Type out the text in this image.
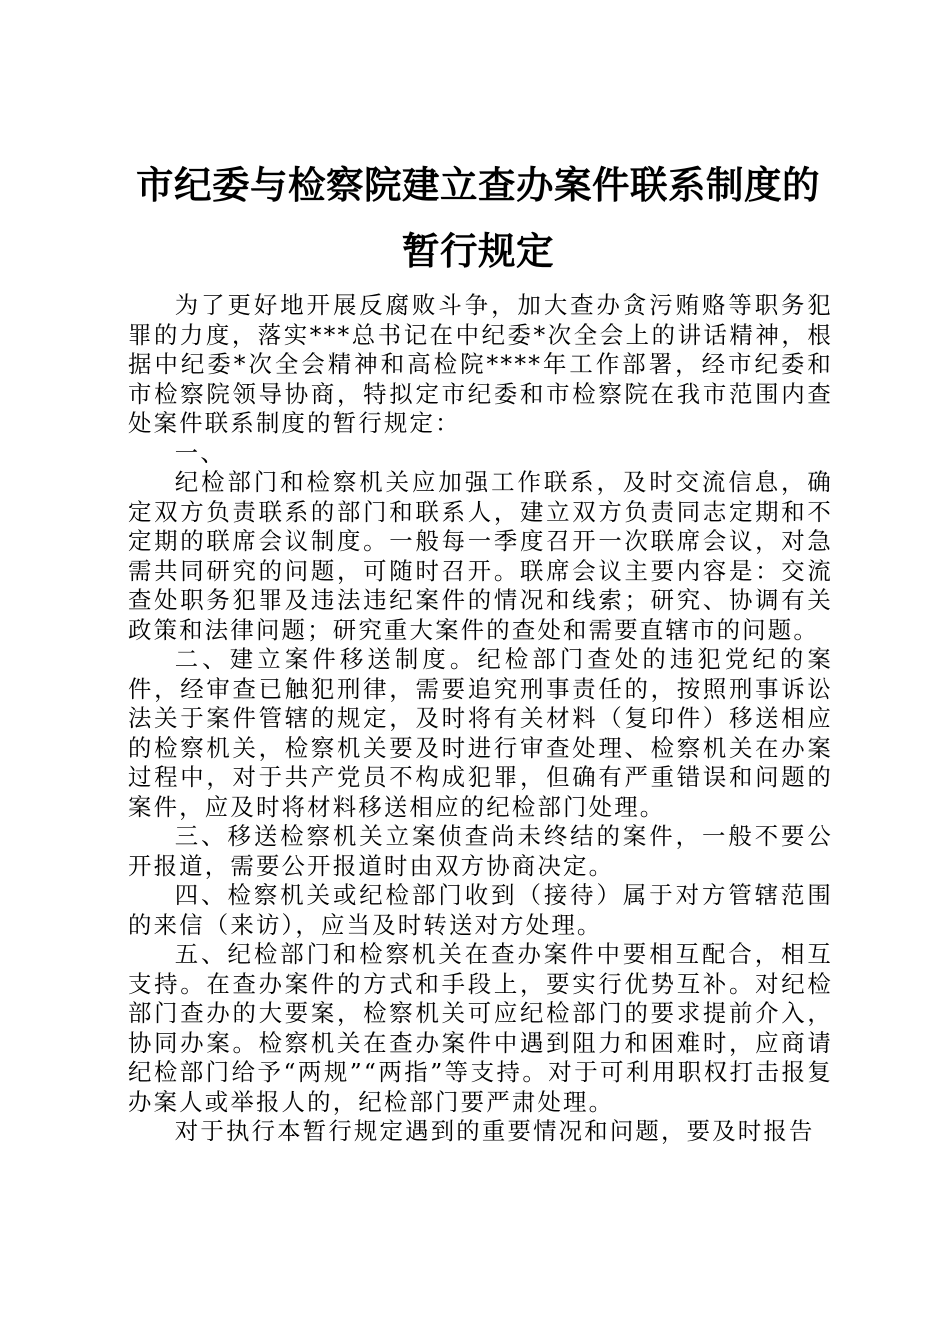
市纪委与检察院建立查办案件联系制度的暂行规定

为了更好地开展反腐败斗争，加大查办贪污贿赂等职务犯罪的力度，落实***总书记在中纪委*次全会上的讲话精神，根据中纪委*次全会精神和高检院****年工作部署，经市纪委和市检察院领导协商，特拟定市纪委和市检察院在我市范围内查处案件联系制度的暂行规定：

一、

纪检部门和检察机关应加强工作联系，及时交流信息，确定双方负责联系的部门和联系人，建立双方负责同志定期和不定期的联席会议制度。一般每一季度召开一次联席会议，对急需共同研究的问题，可随时召开。联席会议主要内容是：交流查处职务犯罪及违法违纪案件的情况和线索；研究、协调有关政策和法律问题；研究重大案件的查处和需要直辖市的问题。

二、建立案件移送制度。纪检部门查处的违犯党纪的案件，经审查已触犯刑律，需要追究刑事责任的，按照刑事诉讼法关于案件管辖的规定，及时将有关材料（复印件）移送相应的检察机关，检察机关要及时进行审查处理、检察机关在办案过程中，对于共产党员不构成犯罪，但确有严重错误和问题的案件，应及时将材料移送相应的纪检部门处理。

三、移送检察机关立案侦查尚未终结的案件，一般不要公开报道，需要公开报道时由双方协商决定。

四、检察机关或纪检部门收到（接待）属于对方管辖范围的来信（来访），应当及时转送对方处理。

五、纪检部门和检察机关在查办案件中要相互配合，相互支持。在查办案件的方式和手段上，要实行优势互补。对纪检部门查办的大要案，检察机关可应纪检部门的要求提前介入，协同办案。检察机关在查办案件中遇到阻力和困难时，应商请纪检部门给予“两规”“两指”等支持。对于可利用职权打击报复办案人或举报人的，纪检部门要严肃处理。

对于执行本暂行规定遇到的重要情况和问题，要及时报告
